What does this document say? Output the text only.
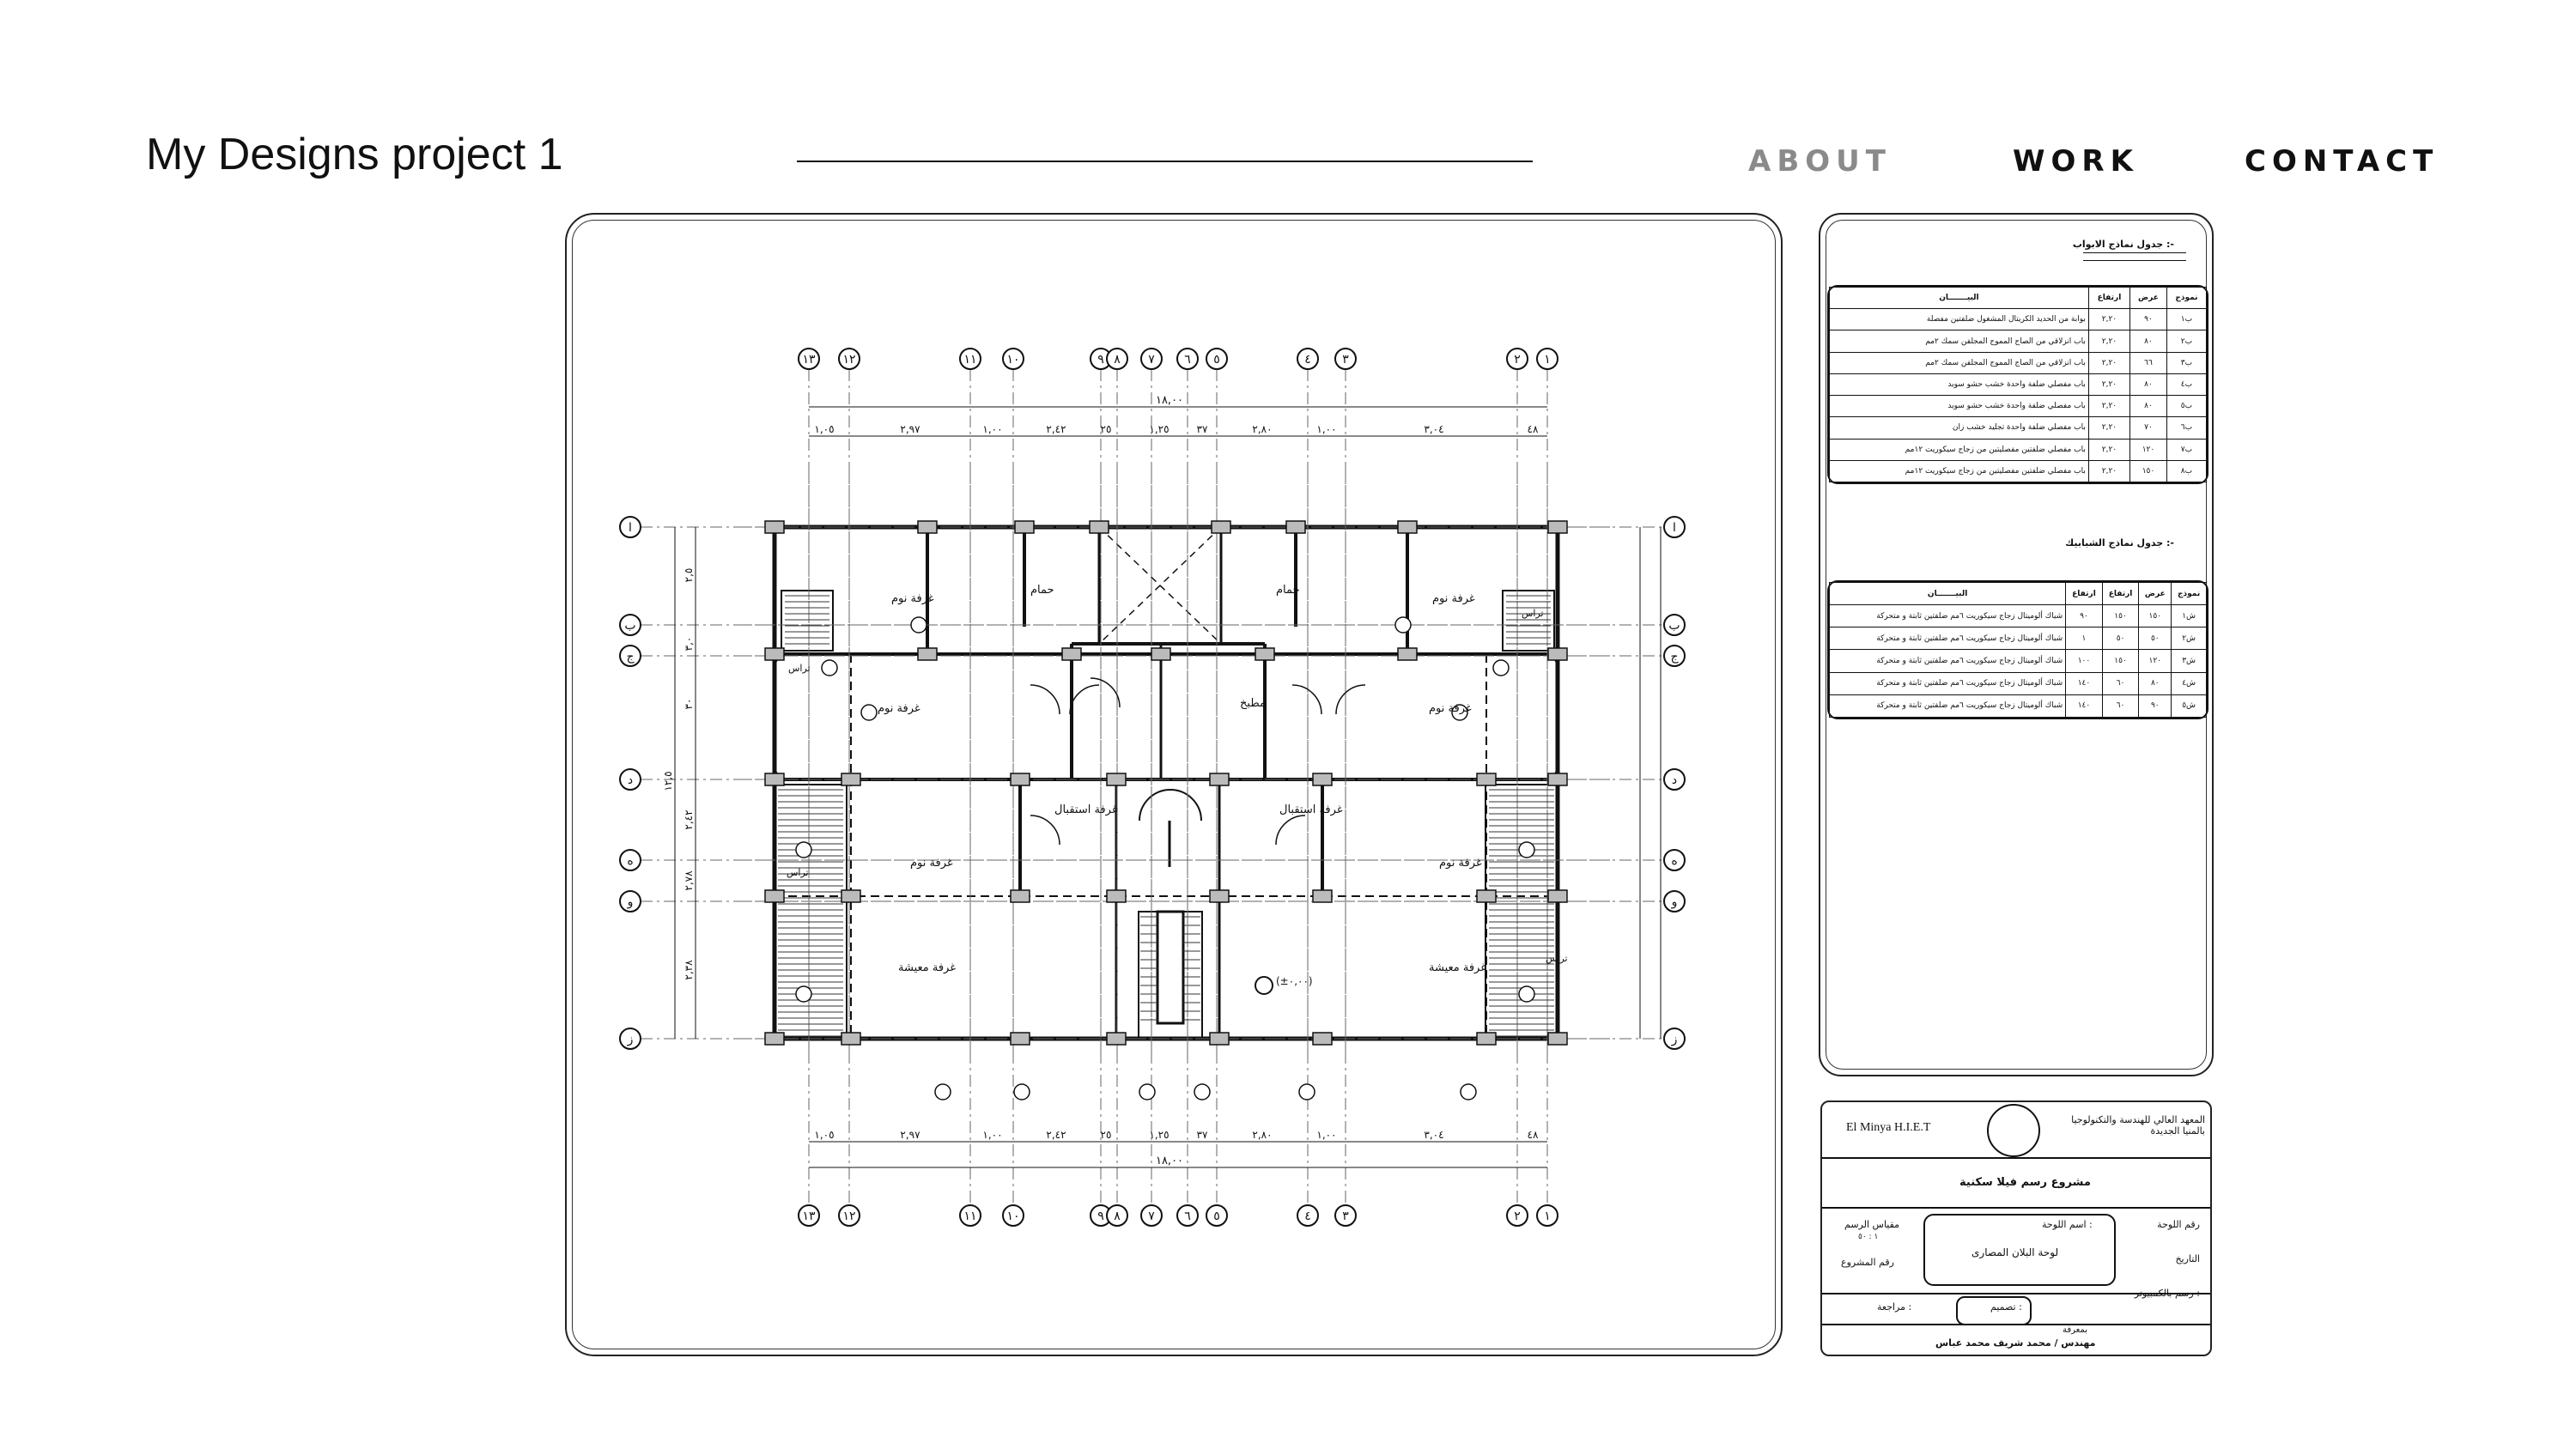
My Designs project 1	ABOUT	WORK	CONTACT
١٣
١٣
١٢
١٢
١١
١١
١٠
١٠
٩
٩
٨
٨
٧
٧
٦
٦
٥
٥
٤
٤
٣
٣
٢
٢
١
١
ا	ا
ب	ب
ج	ج
د	د
ه	ه
و	و
ز	ز
١٨,٠٠
١٨,٠٠
١,٠٥
١,٠٥
٢,٩٧
٢,٩٧
١,٠٠
١,٠٠
٢,٤٢
٢,٤٢
٢٥
٢٥
١,٢٥
١,٢٥
٣٧
٣٧
٢,٨٠
٢,٨٠
١,٠٠
١,٠٠
٣,٠٤
٣,٠٤
٤٨
٤٨
٢,٥
٣٠
٣,٠
٢,٤٢
٢,٧٨
٢,٣٨
١٢,٥
غرفة نوم
حمام	حمام
غرفة نوم
غرفة نوم	مطبخ	غرفة نوم
غرفة استقبال	غرفة استقبال
غرفة نوم	غرفة نوم
غرفة معيشة	غرفة معيشة
تراس
تراس
تراس
تراس
(±٠,٠٠)
جدول نماذج الابواب :-
نموذج	عرض	ارتفاع	البيـــــــان
ب١	٩٠	٢,٢٠	بوابة من الحديد الكريتال المشغول ضلفتين مفصلة
ب٢	٨٠	٢,٢٠	باب انزلاقي من الصاج المموج المجلفن سمك ٢مم
ب٣	٦٦	٢,٢٠	باب انزلاقي من الصاج المموج المجلفن سمك ٢مم
ب٤	٨٠	٢,٢٠	باب مفصلي ضلفة واحدة خشب حشو سويد
ب٥	٨٠	٢,٢٠	باب مفصلي ضلفة واحدة خشب حشو سويد
ب٦	٧٠	٢,٢٠	باب مفصلي ضلفة واحدة تجليد خشب زان
ب٧	١٢٠	٢,٢٠	باب مفصلي ضلفتين مفصليتين من زجاج سيكوريت ١٢مم
ب٨	١٥٠	٢,٢٠	باب مفصلي ضلفتين مفصليتين من زجاج سيكوريت ١٢مم
جدول نماذج الشبابيك :-
نموذج	عرض	ارتفاع	ارتفاع	البيـــــــان
ش١	١٥٠	١٥٠	٩٠	شباك ألوميتال زجاج سيكوريت ٦مم ضلفتين ثابتة و متحركة
ش٢	٥٠	٥٠	١	شباك ألوميتال زجاج سيكوريت ٦مم ضلفتين ثابتة و متحركة
ش٣	١٢٠	١٥٠	١٠٠	شباك ألوميتال زجاج سيكوريت ٦مم ضلفتين ثابتة و متحركة
ش٤	٨٠	٦٠	١٤٠	شباك ألوميتال زجاج سيكوريت ٦مم ضلفتين ثابتة و متحركة
ش٥	٩٠	٦٠	١٤٠	شباك ألوميتال زجاج سيكوريت ٦مم ضلفتين ثابتة و متحركة
El Minya H.I.E.T
المعهد العالي للهندسة والتكنولوجيا بالمنيا الجديدة
مشروع رسم فيلا سكنية
لوحة البلان المصارى
اسم اللوحة :	رقم اللوحة
التاريخ
رسم بالكمبيوتر :
مقياس الرسم
١ : ٥٠
رقم المشروع
تصميم :
مراجعة :
بمعرفة
مهندس / محمد شريف محمد عباس
